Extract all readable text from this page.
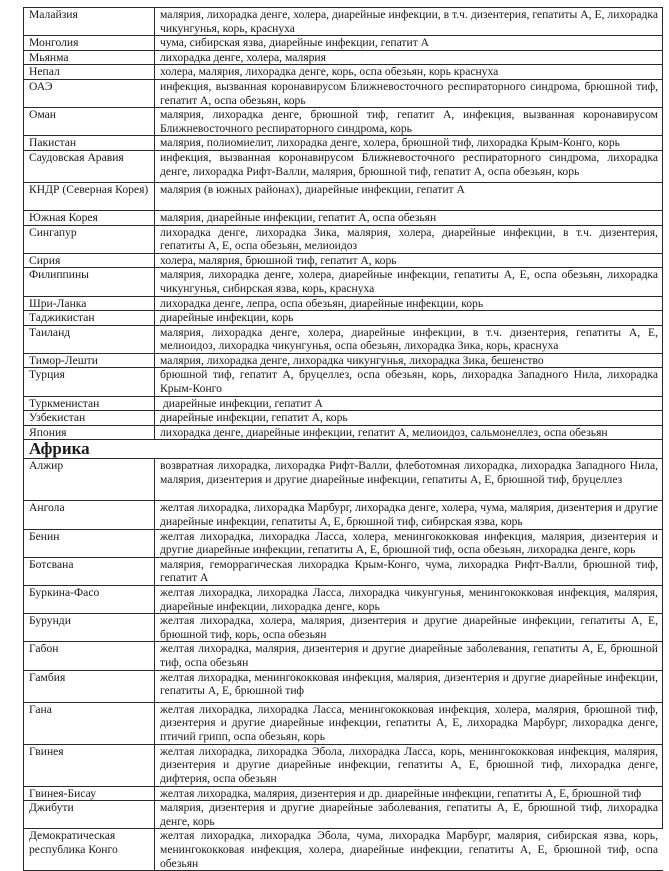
Малайзия	малярия, лихорадка денге, холера, диарейные инфекции, в т.ч. дизентерия, гепатиты А, Е, лихорадка чикунгунья, корь, краснуха
Монголия	чума, сибирская язва, диарейные инфекции, гепатит А
Мьянма	лихорадка денге, холера, малярия
Непал	холера, малярия, лихорадка денге, корь, оспа обезьян, корь краснуха
ОАЭ	инфекция, вызванная коронавирусом Ближневосточного респираторного синдрома, брюшной тиф, гепатит А, оспа обезьян, корь
Оман	малярия, лихорадка денге, брюшной тиф, гепатит А, инфекция, вызванная коронавирусом Ближневосточного респираторного синдрома, корь
Пакистан	малярия, полиомиелит, лихорадка денге, холера, брюшной тиф, лихорадка Крым-Конго, корь
Саудовская Аравия	инфекция, вызванная коронавирусом Ближневосточного респираторного синдрома, лихорадка денге, лихорадка Рифт-Валли, малярия, брюшной тиф, гепатит А, оспа обезьян, корь
КНДР (Северная Корея)	малярия (в южных районах), диарейные инфекции, гепатит А
Южная Корея	малярия, диарейные инфекции, гепатит А, оспа обезьян
Сингапур	лихорадка денге, лихорадка Зика, малярия, холера, диарейные инфекции, в т.ч. дизентерия, гепатиты А, Е, оспа обезьян, мелиоидоз
Сирия	холера, малярия, брюшной тиф, гепатит А, корь
Филиппины	малярия, лихорадка денге, холера, диарейные инфекции, гепатиты А, Е, оспа обезьян, лихорадка чикунгунья, сибирская язва, корь, краснуха
Шри-Ланка	лихорадка денге, лепра, оспа обезьян, диарейные инфекции, корь
Таджикистан	диарейные инфекции, корь
Таиланд	малярия, лихорадка денге, холера, диарейные инфекции, в т.ч. дизентерия, гепатиты А, Е, мелиоидоз, лихорадка чикунгунья, оспа обезьян, лихорадка Зика, корь, краснуха
Тимор-Лешти	малярия, лихорадка денге, лихорадка чикунгунья, лихорадка Зика, бешенство
Турция	брюшной тиф, гепатит А, бруцеллез, оспа обезьян, корь, лихорадка Западного Нила, лихорадка Крым-Конго
Туркменистан	диарейные инфекции, гепатит А
Узбекистан	диарейные инфекции, гепатит А, корь
Япония	лихорадка денге, диарейные инфекции, гепатит А, мелиоидоз, сальмонеллез, оспа обезьян
Африка	
Алжир	возвратная лихорадка, лихорадка Рифт-Валли, флеботомная лихорадка, лихорадка Западного Нила, малярия, дизентерия и другие диарейные инфекции, гепатиты А, Е, брюшной тиф, бруцеллез
Ангола	желтая лихорадка, лихорадка Марбург, лихорадка денге, холера, чума, малярия, дизентерия и другие диарейные инфекции, гепатиты А, Е, брюшной тиф, сибирская язва, корь
Бенин	желтая лихорадка, лихорадка Ласса, холера, менингококковая инфекция, малярия, дизентерия и другие диарейные инфекции, гепатиты А, Е, брюшной тиф, оспа обезьян, лихорадка денге, корь
Ботсвана	малярия, геморрагическая лихорадка Крым-Конго, чума, лихорадка Рифт-Валли, брюшной тиф, гепатит А
Буркина-Фасо	желтая лихорадка, лихорадка Ласса, лихорадка чикунгунья, менингококковая инфекция, малярия, диарейные инфекции, лихорадка денге, корь
Бурунди	желтая лихорадка, холера, малярия, дизентерия и другие диарейные инфекции, гепатиты А, Е, брюшной тиф, корь, оспа обезьян
Габон	желтая лихорадка, малярия, дизентерия и другие диарейные заболевания, гепатиты А, Е, брюшной тиф, оспа обезьян
Гамбия	желтая лихорадка, менингококковая инфекция, малярия, дизентерия и другие диарейные инфекции, гепатиты А, Е, брюшной тиф
Гана	желтая лихорадка, лихорадка Ласса, менингококковая инфекция, холера, малярия, брюшной тиф, дизентерия и другие диарейные инфекции, гепатиты А, Е, лихорадка Марбург, лихорадка денге, птичий грипп, оспа обезьян, корь
Гвинея	желтая лихорадка, лихорадка Эбола, лихорадка Ласса, корь, менингококковая инфекция, малярия, дизентерия и другие диарейные инфекции, гепатиты А, Е, брюшной тиф, лихорадка денге, дифтерия, оспа обезьян
Гвинея-Бисау	желтая лихорадка, малярия, дизентерия и др. диарейные инфекции, гепатиты А, Е, брюшной тиф
Джибути	малярия, дизентерия и другие диарейные заболевания, гепатиты А, Е, брюшной тиф, лихорадка денге, корь
Демократическая республика Конго	желтая лихорадка, лихорадка Эбола, чума, лихорадка Марбург, малярия, сибирская язва, корь, менингококковая инфекция, холера, диарейные инфекции, гепатиты А, Е, брюшной тиф, оспа обезьян
